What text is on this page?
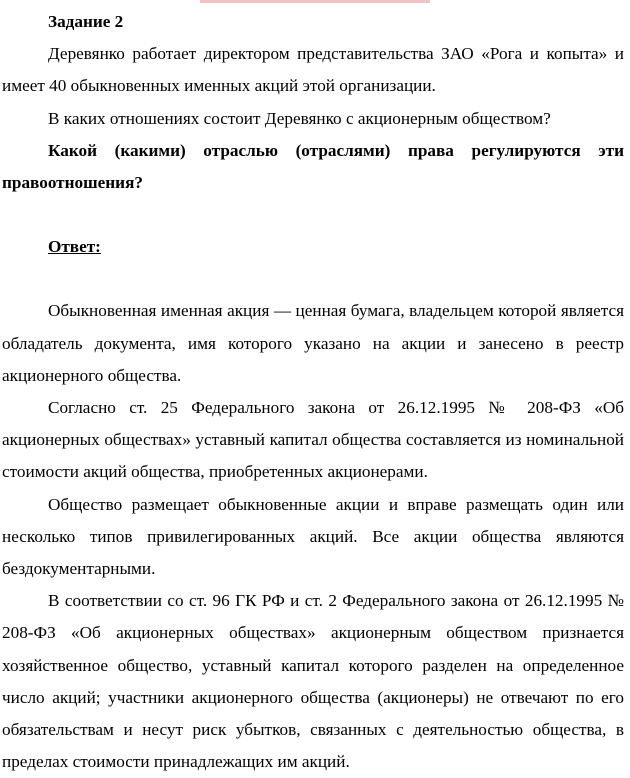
Задание 2

Деревянко работает директором представительства ЗАО «Рога и копыта» и имеет 40 обыкновенных именных акций этой организации.

В каких отношениях состоит Деревянко с акционерным обществом?

Какой (какими) отраслью (отраслями) права регулируются эти правоотношения?

Ответ:

Обыкновенная именная акция — ценная бумага, владельцем которой является обладатель документа, имя которого указано на акции и занесено в реестр акционерного общества.

Согласно ст. 25 Федерального закона от 26.12.1995 № 208-ФЗ «Об акционерных обществах» уставный капитал общества составляется из номинальной стоимости акций общества, приобретенных акционерами.

Общество размещает обыкновенные акции и вправе размещать один или несколько типов привилегированных акций. Все акции общества являются бездокументарными.

В соответствии со ст. 96 ГК РФ и ст. 2 Федерального закона от 26.12.1995 № 208-ФЗ «Об акционерных обществах» акционерным обществом признается хозяйственное общество, уставный капитал которого разделен на определенное число акций; участники акционерного общества (акционеры) не отвечают по его обязательствам и несут риск убытков, связанных с деятельностью общества, в пределах стоимости принадлежащих им акций.
